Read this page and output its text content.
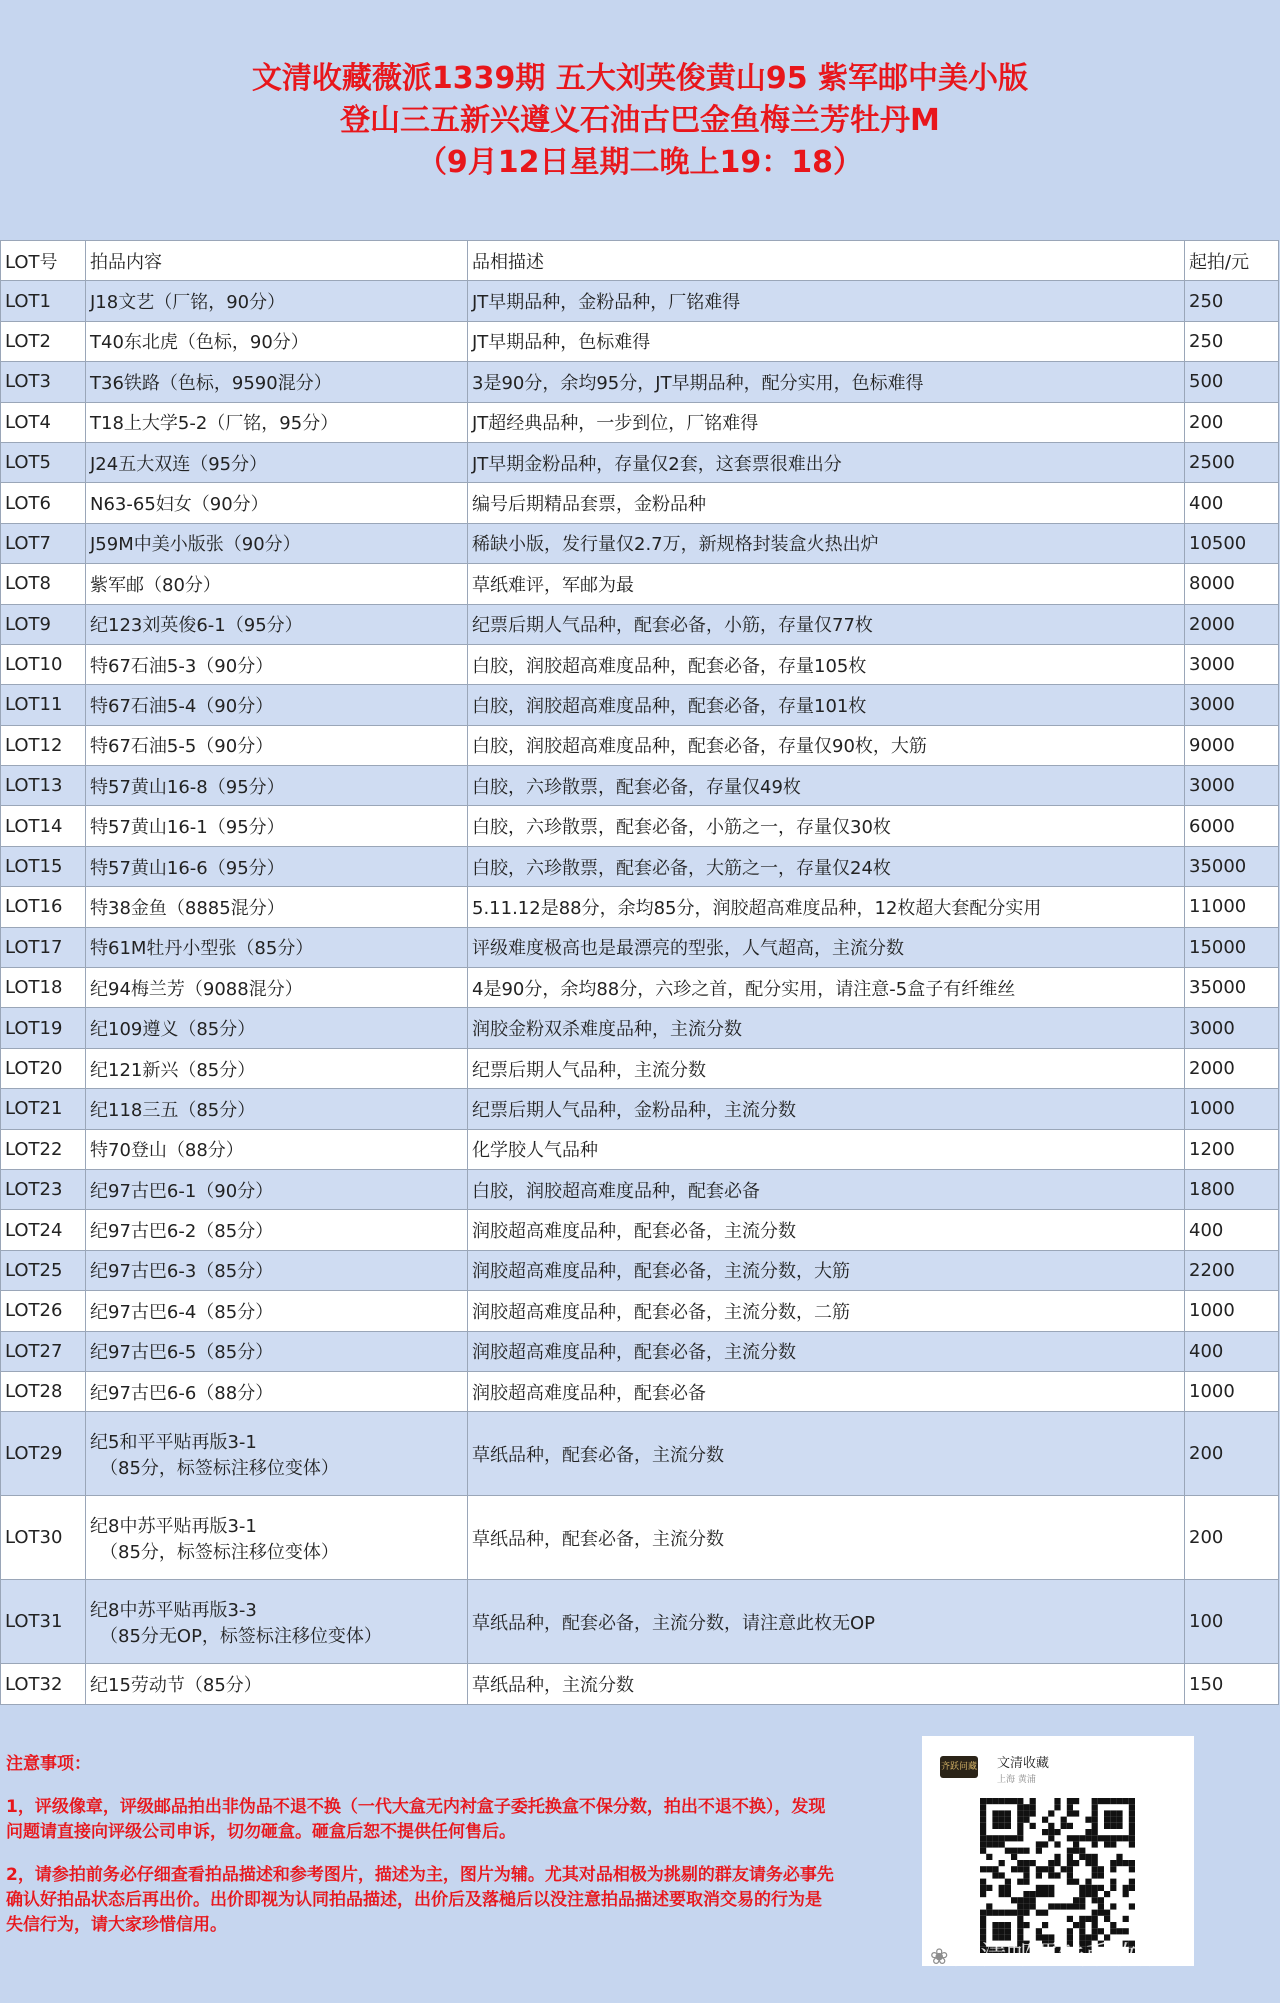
文清收藏薇派1339期 五大刘英俊黄山95 紫军邮中美小版
登山三五新兴遵义石油古巴金鱼梅兰芳牡丹M
（9月12日星期二晚上19：18）
LOT号	拍品内容	品相描述	起拍/元
LOT1	J18文艺（厂铭，90分）	JT早期品种，金粉品种，厂铭难得	250
LOT2	T40东北虎（色标，90分）	JT早期品种，色标难得	250
LOT3	T36铁路（色标，9590混分）	3是90分，余均95分，JT早期品种，配分实用，色标难得	500
LOT4	T18上大学5-2（厂铭，95分）	JT超经典品种，一步到位，厂铭难得	200
LOT5	J24五大双连（95分）	JT早期金粉品种，存量仅2套，这套票很难出分	2500
LOT6	N63-65妇女（90分）	编号后期精品套票，金粉品种	400
LOT7	J59M中美小版张（90分）	稀缺小版，发行量仅2.7万，新规格封装盒火热出炉	10500
LOT8	紫军邮（80分）	草纸难评，军邮为最	8000
LOT9	纪123刘英俊6-1（95分）	纪票后期人气品种，配套必备，小筋，存量仅77枚	2000
LOT10	特67石油5-3（90分）	白胶，润胶超高难度品种，配套必备，存量105枚	3000
LOT11	特67石油5-4（90分）	白胶，润胶超高难度品种，配套必备，存量101枚	3000
LOT12	特67石油5-5（90分）	白胶，润胶超高难度品种，配套必备，存量仅90枚，大筋	9000
LOT13	特57黄山16-8（95分）	白胶，六珍散票，配套必备，存量仅49枚	3000
LOT14	特57黄山16-1（95分）	白胶，六珍散票，配套必备，小筋之一，存量仅30枚	6000
LOT15	特57黄山16-6（95分）	白胶，六珍散票，配套必备，大筋之一，存量仅24枚	35000
LOT16	特38金鱼（8885混分）	5.11.12是88分，余均85分，润胶超高难度品种，12枚超大套配分实用	11000
LOT17	特61M牡丹小型张（85分）	评级难度极高也是最漂亮的型张，人气超高，主流分数	15000
LOT18	纪94梅兰芳（9088混分）	4是90分，余均88分，六珍之首，配分实用，请注意-5盒子有纤维丝	35000
LOT19	纪109遵义（85分）	润胶金粉双杀难度品种，主流分数	3000
LOT20	纪121新兴（85分）	纪票后期人气品种，主流分数	2000
LOT21	纪118三五（85分）	纪票后期人气品种，金粉品种，主流分数	1000
LOT22	特70登山（88分）	化学胶人气品种	1200
LOT23	纪97古巴6-1（90分）	白胶，润胶超高难度品种，配套必备	1800
LOT24	纪97古巴6-2（85分）	润胶超高难度品种，配套必备，主流分数	400
LOT25	纪97古巴6-3（85分）	润胶超高难度品种，配套必备，主流分数，大筋	2200
LOT26	纪97古巴6-4（85分）	润胶超高难度品种，配套必备，主流分数，二筋	1000
LOT27	纪97古巴6-5（85分）	润胶超高难度品种，配套必备，主流分数	400
LOT28	纪97古巴6-6（88分）	润胶超高难度品种，配套必备	1000
LOT29	纪5和平平贴再版3-1
（85分，标签标注移位变体）	草纸品种，配套必备，主流分数	200
LOT30	纪8中苏平贴再版3-1
（85分，标签标注移位变体）	草纸品种，配套必备，主流分数	200
LOT31	纪8中苏平贴再版3-3
（85分无OP，标签标注移位变体）	草纸品种，配套必备，主流分数，请注意此枚无OP	100
LOT32	纪15劳动节（85分）	草纸品种，主流分数	150
注意事项：

1，评级像章，评级邮品拍出非伪品不退不换（一代大盒无内衬盒子委托换盒不保分数，拍出不退不换），发现问题请直接向评级公司申诉，切勿砸盒。砸盒后恕不提供任何售后。

2，请参拍前务必仔细查看拍品描述和参考图片，描述为主，图片为辅。尤其对品相极为挑剔的群友请务必事先确认好拍品状态后再出价。出价即视为认同拍品描述，出价后及落槌后以没注意拍品描述要取消交易的行为是失信行为，请大家珍惜信用。

齐跃问藏 文清收藏
上海 黄浦
❀ 文清邮票钱币收藏
